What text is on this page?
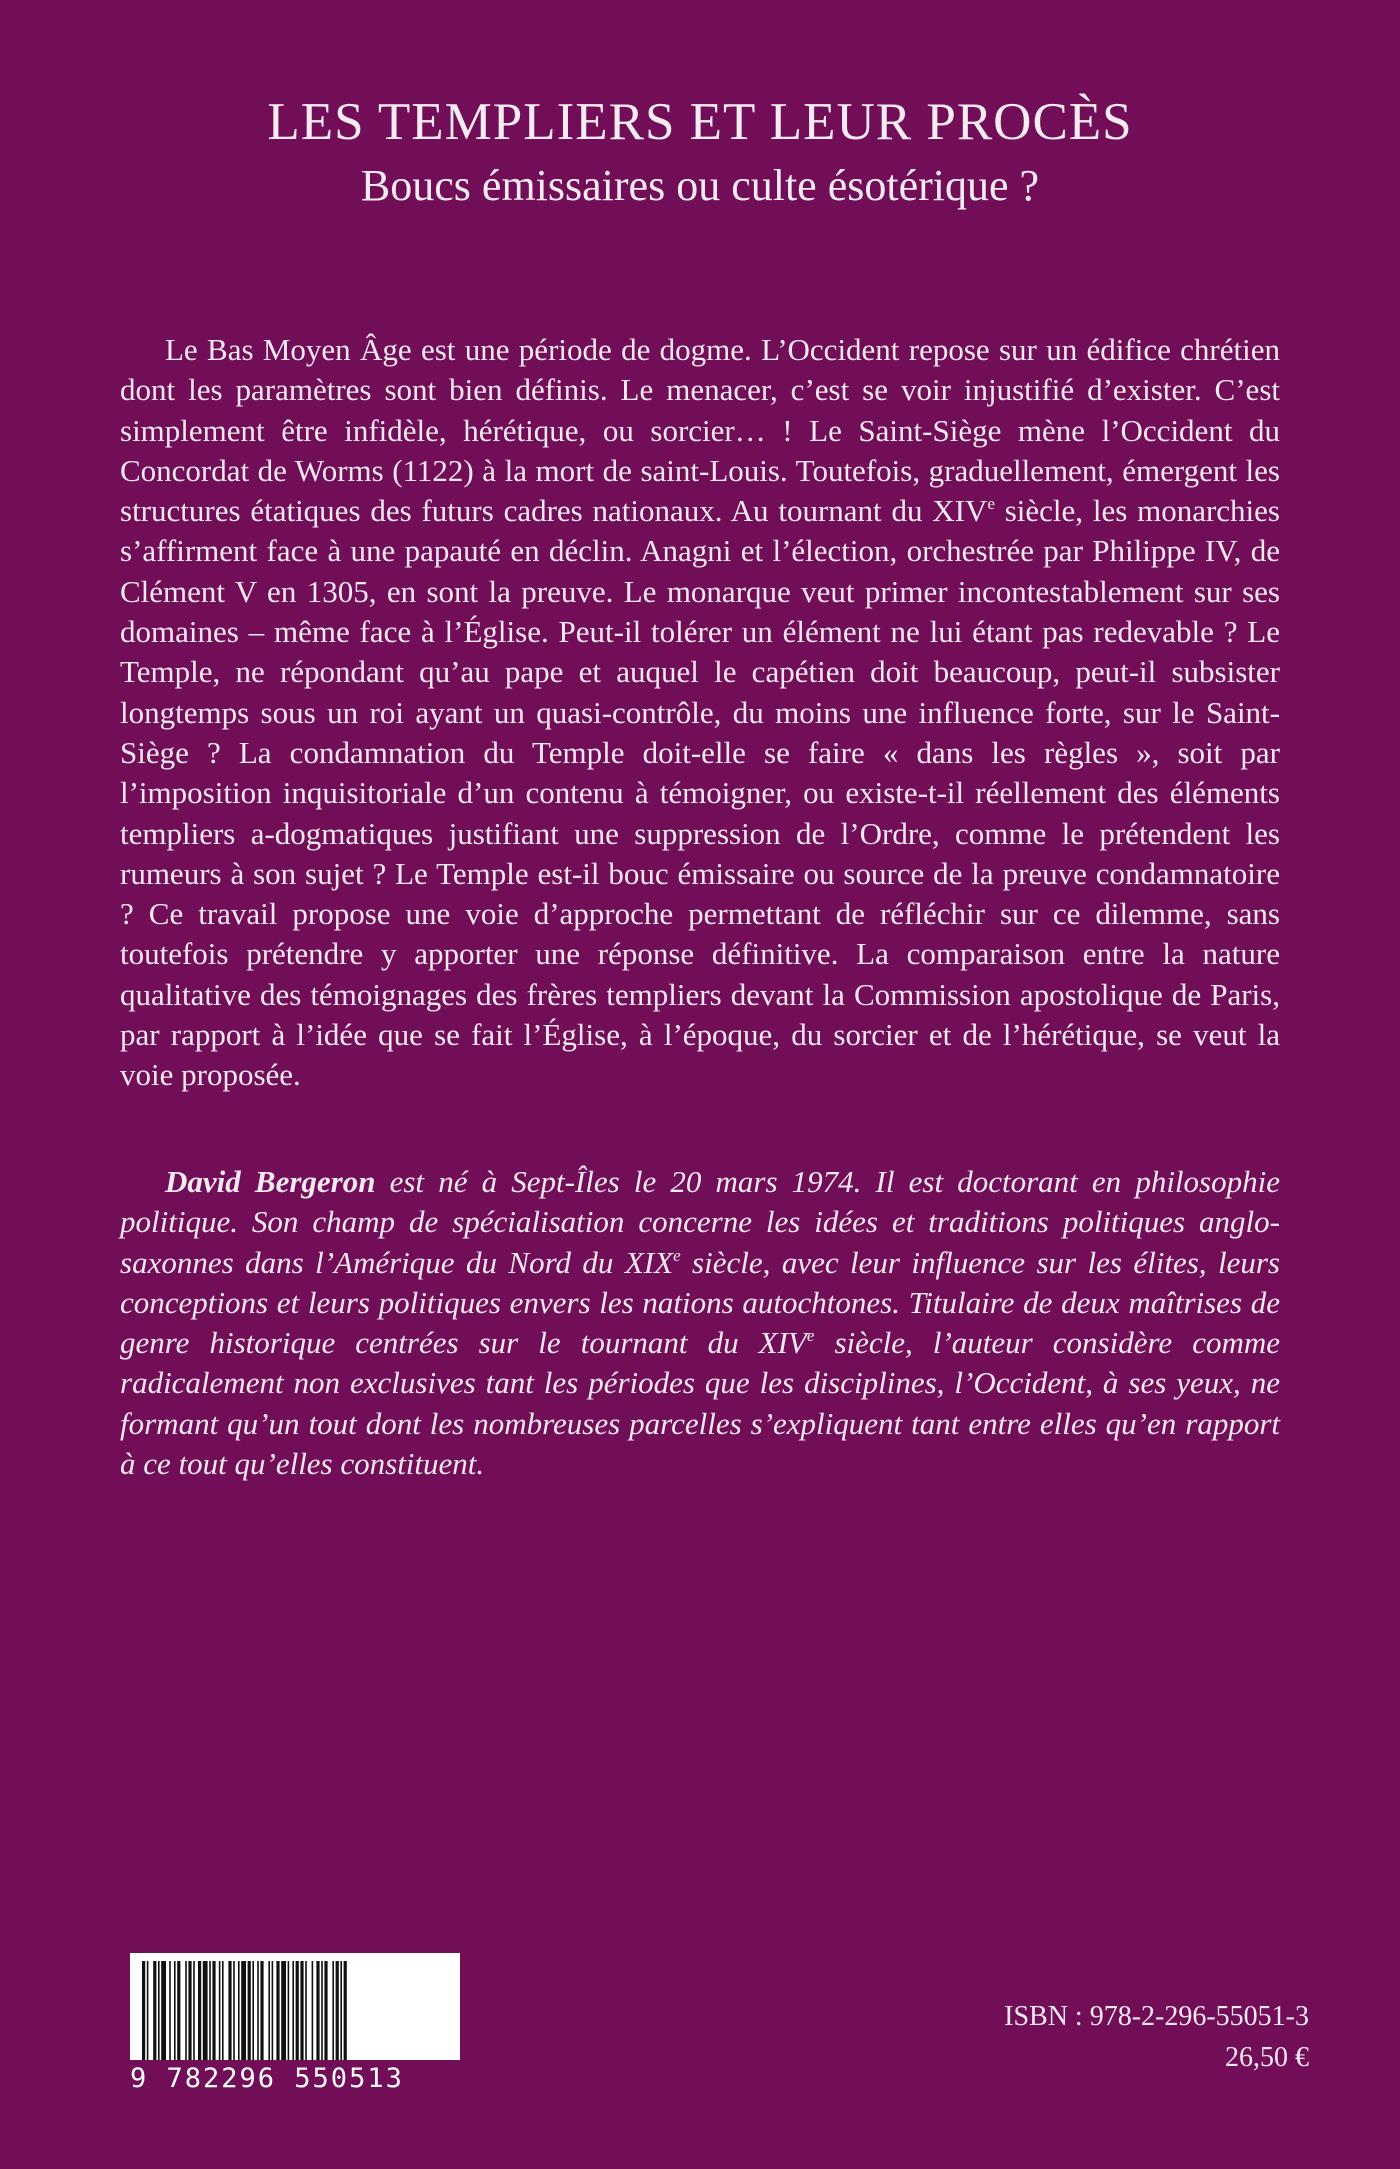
LES TEMPLIERS ET LEUR PROCÈS
Boucs émissaires ou culte ésotérique ?

Le Bas Moyen Âge est une période de dogme. L’Occident repose sur un édifice chrétien dont les paramètres sont bien définis. Le menacer, c’est se voir injustifié d’exister. C’est simplement être infidèle, hérétique, ou sorcier… ! Le Saint-Siège mène l’Occident du Concordat de Worms (1122) à la mort de saint-Louis. Toutefois, graduellement, émergent les structures étatiques des futurs cadres nationaux. Au tournant du XIVe siècle, les monarchies s’affirment face à une papauté en déclin. Anagni et l’élection, orchestrée par Philippe IV, de Clément V en 1305, en sont la preuve. Le monarque veut primer incontestablement sur ses domaines – même face à l’Église. Peut-il tolérer un élément ne lui étant pas redevable ? Le Temple, ne répondant qu’au pape et auquel le capétien doit beaucoup, peut-il subsister longtemps sous un roi ayant un quasi-contrôle, du moins une influence forte, sur le Saint-Siège ? La condamnation du Temple doit-elle se faire « dans les règles », soit par l’imposition inquisitoriale d’un contenu à témoigner, ou existe-t-il réellement des éléments templiers a-dogmatiques justifiant une suppression de l’Ordre, comme le prétendent les rumeurs à son sujet ? Le Temple est-il bouc émissaire ou source de la preuve condamnatoire ? Ce travail propose une voie d’approche permettant de réfléchir sur ce dilemme, sans toutefois prétendre y apporter une réponse définitive. La comparaison entre la nature qualitative des témoignages des frères templiers devant la Commission apostolique de Paris, par rapport à l’idée que se fait l’Église, à l’époque, du sorcier et de l’hérétique, se veut la voie proposée.

David Bergeron est né à Sept-Îles le 20 mars 1974. Il est doctorant en philosophie politique. Son champ de spécialisation concerne les idées et traditions politiques anglo-saxonnes dans l’Amérique du Nord du XIXe siècle, avec leur influence sur les élites, leurs conceptions et leurs politiques envers les nations autochtones. Titulaire de deux maîtrises de genre historique centrées sur le tournant du XIVe siècle, l’auteur considère comme radicalement non exclusives tant les périodes que les disciplines, l’Occident, à ses yeux, ne formant qu’un tout dont les nombreuses parcelles s’expliquent tant entre elles qu’en rapport à ce tout qu’elles constituent.

9 782296 550513
ISBN : 978-2-296-55051-3
26,50 €
